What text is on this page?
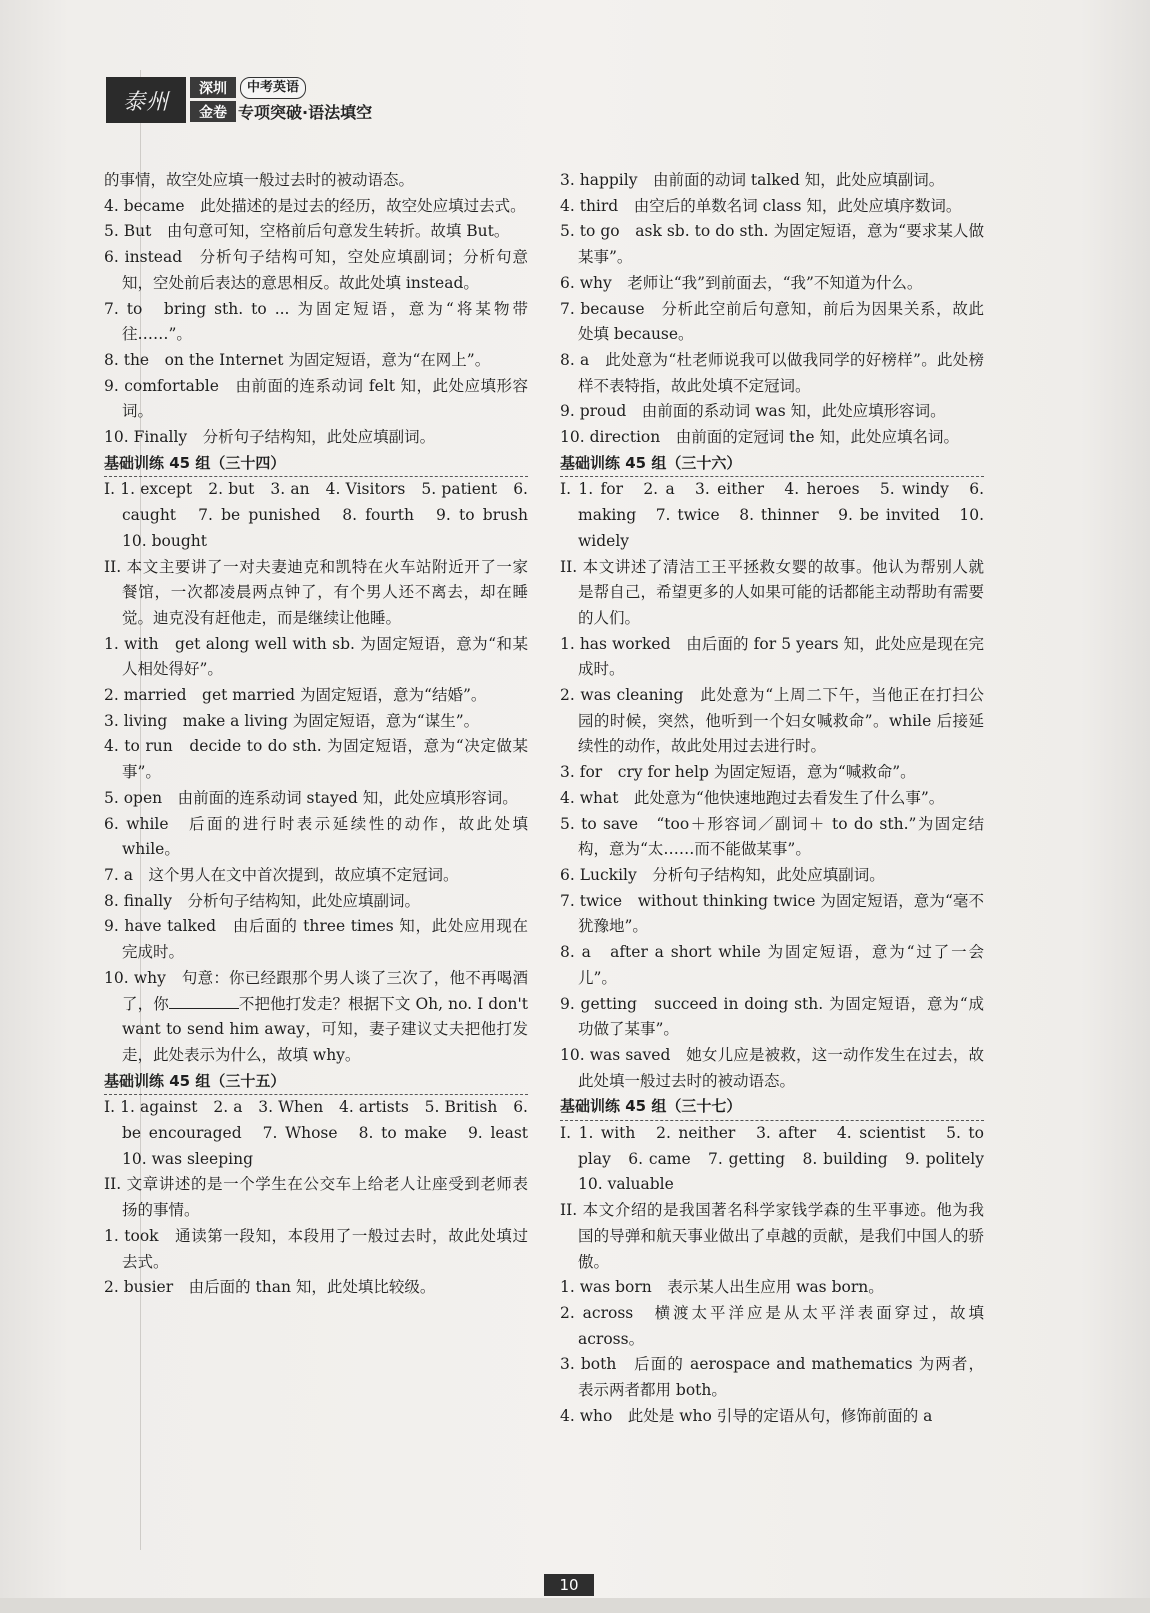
泰州
深圳
金卷
中考英语
专项突破·语法填空
的事情，故空处应填一般过去时的被动语态。
4. became　此处描述的是过去的经历，故空处应填过去式。
5. But　由句意可知，空格前后句意发生转折。故填 But。
6. instead　分析句子结构可知，空处应填副词；分析句意知，空处前后表达的意思相反。故此处填 instead。
7. to　bring sth. to ... 为固定短语，意为“将某物带往……”。
8. the　on the Internet 为固定短语，意为“在网上”。
9. comfortable　由前面的连系动词 felt 知，此处应填形容词。
10. Finally　分析句子结构知，此处应填副词。
基础训练 45 组（三十四）
I. 1. except　2. but　3. an　4. Visitors　5. patient　6. caught　7. be punished　8. fourth　9. to brush　10. bought
II. 本文主要讲了一对夫妻迪克和凯特在火车站附近开了一家餐馆，一次都凌晨两点钟了，有个男人还不离去，却在睡觉。迪克没有赶他走，而是继续让他睡。
1. with　get along well with sb. 为固定短语，意为“和某人相处得好”。
2. married　get married 为固定短语，意为“结婚”。
3. living　make a living 为固定短语，意为“谋生”。
4. to run　decide to do sth. 为固定短语，意为“决定做某事”。
5. open　由前面的连系动词 stayed 知，此处应填形容词。
6. while　后面的进行时表示延续性的动作，故此处填 while。
7. a　这个男人在文中首次提到，故应填不定冠词。
8. finally　分析句子结构知，此处应填副词。
9. have talked　由后面的 three times 知，此处应用现在完成时。
10. why　句意：你已经跟那个男人谈了三次了，他不再喝酒了，你	不把他打发走？根据下文 Oh, no. I don't want to send him away，可知，妻子建议丈夫把他打发走，此处表示为什么，故填 why。
基础训练 45 组（三十五）
I. 1. against　2. a　3. When　4. artists　5. British　6. be encouraged　7. Whose　8. to make　9. least　10. was sleeping
II. 文章讲述的是一个学生在公交车上给老人让座受到老师表扬的事情。
1. took　通读第一段知，本段用了一般过去时，故此处填过去式。
2. busier　由后面的 than 知，此处填比较级。
3. happily　由前面的动词 talked 知，此处应填副词。
4. third　由空后的单数名词 class 知，此处应填序数词。
5. to go　ask sb. to do sth. 为固定短语，意为“要求某人做某事”。
6. why　老师让“我”到前面去，“我”不知道为什么。
7. because　分析此空前后句意知，前后为因果关系，故此处填 because。
8. a　此处意为“杜老师说我可以做我同学的好榜样”。此处榜样不表特指，故此处填不定冠词。
9. proud　由前面的系动词 was 知，此处应填形容词。
10. direction　由前面的定冠词 the 知，此处应填名词。
基础训练 45 组（三十六）
I. 1. for　2. a　3. either　4. heroes　5. windy　6. making　7. twice　8. thinner　9. be invited　10. widely
II. 本文讲述了清洁工王平拯救女婴的故事。他认为帮别人就是帮自己，希望更多的人如果可能的话都能主动帮助有需要的人们。
1. has worked　由后面的 for 5 years 知，此处应是现在完成时。
2. was cleaning　此处意为“上周二下午，当他正在打扫公园的时候，突然，他听到一个妇女喊救命”。while 后接延续性的动作，故此处用过去进行时。
3. for　cry for help 为固定短语，意为“喊救命”。
4. what　此处意为“他快速地跑过去看发生了什么事”。
5. to save　“too＋形容词／副词＋ to do sth.”为固定结构，意为“太……而不能做某事”。
6. Luckily　分析句子结构知，此处应填副词。
7. twice　without thinking twice 为固定短语，意为“毫不犹豫地”。
8. a　after a short while 为固定短语，意为“过了一会儿”。
9. getting　succeed in doing sth. 为固定短语，意为“成功做了某事”。
10. was saved　她女儿应是被救，这一动作发生在过去，故此处填一般过去时的被动语态。
基础训练 45 组（三十七）
I. 1. with　2. neither　3. after　4. scientist　5. to play　6. came　7. getting　8. building　9. politely　10. valuable
II. 本文介绍的是我国著名科学家钱学森的生平事迹。他为我国的导弹和航天事业做出了卓越的贡献，是我们中国人的骄傲。
1. was born　表示某人出生应用 was born。
2. across　横渡太平洋应是从太平洋表面穿过，故填 across。
3. both　后面的 aerospace and mathematics 为两者，表示两者都用 both。
4. who　此处是 who 引导的定语从句，修饰前面的 a
10
